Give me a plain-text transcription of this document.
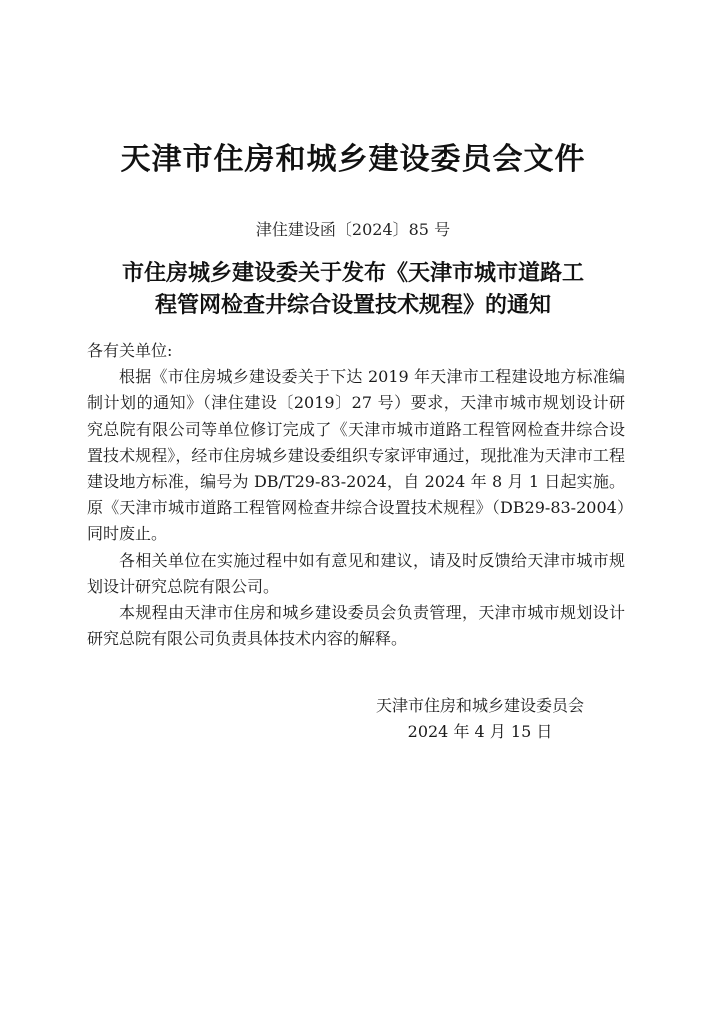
天津市住房和城乡建设委员会文件
津住建设函〔2024〕85 号
市住房城乡建设委关于发布《天津市城市道路工
程管网检查井综合设置技术规程》的通知

各有关单位:

根据《市住房城乡建设委关于下达 2019 年天津市工程建设地方标准编制计划的通知》（津住建设〔2019〕27 号）要求，天津市城市规划设计研究总院有限公司等单位修订完成了《天津市城市道路工程管网检查井综合设置技术规程》，经市住房城乡建设委组织专家评审通过，现批准为天津市工程建设地方标准，编号为 DB/T29-83-2024，自 2024 年 8 月 1 日起实施。原《天津市城市道路工程管网检查井综合设置技术规程》（DB29-83-2004）同时废止。

各相关单位在实施过程中如有意见和建议，请及时反馈给天津市城市规划设计研究总院有限公司。

本规程由天津市住房和城乡建设委员会负责管理，天津市城市规划设计研究总院有限公司负责具体技术内容的解释。

天津市住房和城乡建设委员会
2024 年 4 月 15 日
